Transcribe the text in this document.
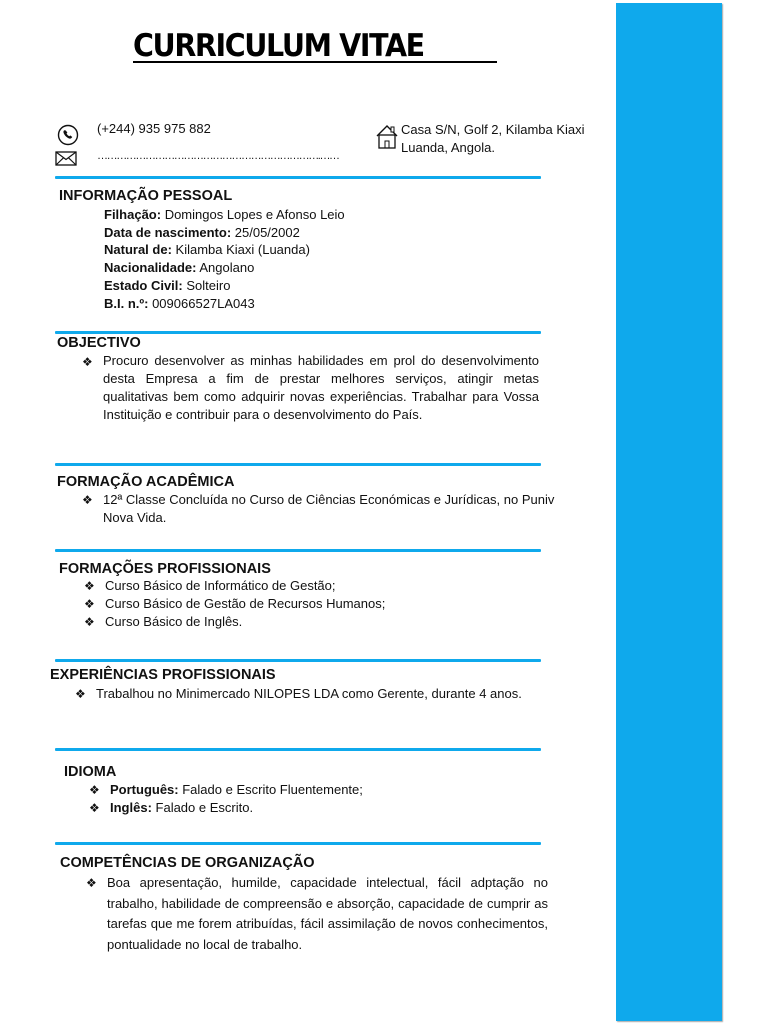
CURRICULUM VITAE
(+244) 935 975 882
…………………………………………………………….……
Casa S/N, Golf 2, Kilamba Kiaxi
Luanda, Angola.
INFORMAÇÃO PESSOAL
Filhação: Domingos Lopes e Afonso Leio
Data de nascimento: 25/05/2002
Natural de: Kilamba Kiaxi (Luanda)
Nacionalidade: Angolano
Estado Civil: Solteiro
B.I. n.º: 009066527LA043
OBJECTIVO
❖ Procuro desenvolver as minhas habilidades em prol do desenvolvimento desta Empresa a fim de prestar melhores serviços, atingir metas qualitativas bem como adquirir novas experiências. Trabalhar para Vossa Instituição e contribuir para o desenvolvimento do País.
FORMAÇÃO ACADÊMICA
❖ 12ª Classe Concluída no Curso de Ciências Económicas e Jurídicas, no Puniv
Nova Vida.
FORMAÇÕES PROFISSIONAIS
❖ Curso Básico de Informático de Gestão;
❖ Curso Básico de Gestão de Recursos Humanos;
❖ Curso Básico de Inglês.
EXPERIÊNCIAS PROFISSIONAIS
❖ Trabalhou no Minimercado NILOPES LDA como Gerente, durante 4 anos.
IDIOMA
❖ Português: Falado e Escrito Fluentemente;
❖ Inglês: Falado e Escrito.
COMPETÊNCIAS DE ORGANIZAÇÃO
❖ Boa apresentação, humilde, capacidade intelectual, fácil adptação no trabalho, habilidade de compreensão e absorção, capacidade de cumprir as tarefas que me forem atribuídas, fácil assimilação de novos conhecimentos, pontualidade no local de trabalho.
